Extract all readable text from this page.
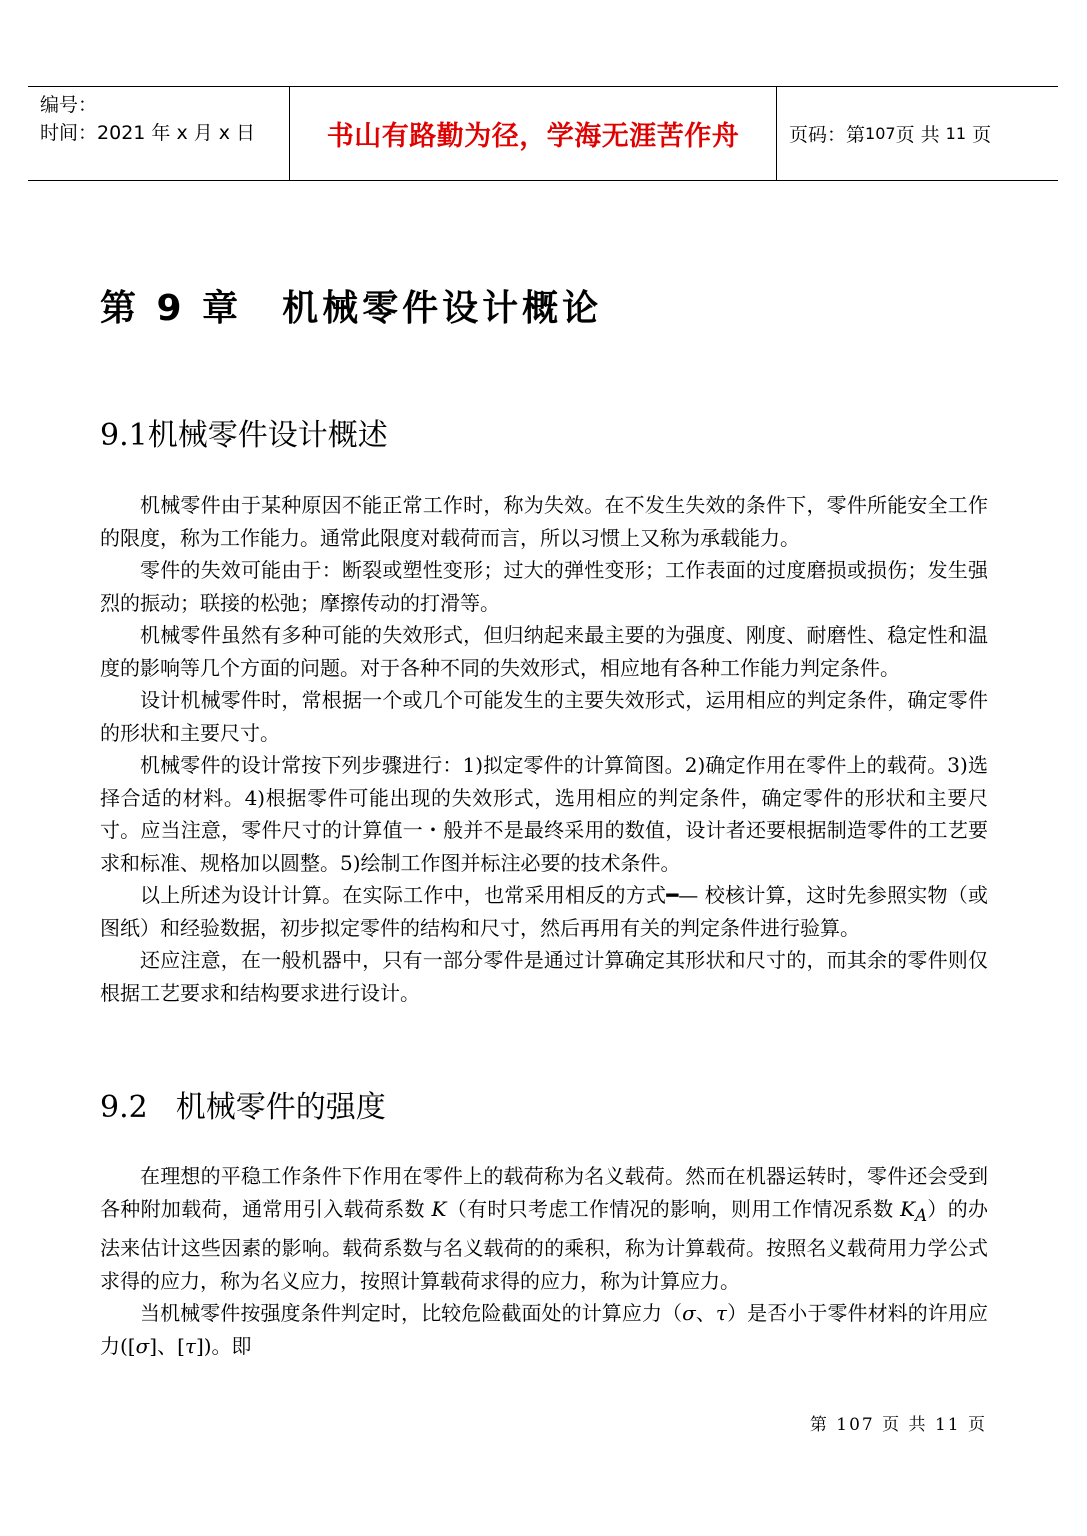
编号：
时间：2021 年 x 月 x 日	书山有路勤为径，学海无涯苦作舟	页码：第 107 页 共
11
页
第 9 章 机械零件设计概论
9.1机械零件设计概述

机械零件由于某种原因不能正常工作时，称为失效。在不发生失效的条件下，零件所能安全工作的限度，称为工作能力。通常此限度对载荷而言，所以习惯上又称为承载能力。

零件的失效可能由于：断裂或塑性变形；过大的弹性变形；工作表面的过度磨损或损伤；发生强烈的振动；联接的松弛；摩擦传动的打滑等。

机械零件虽然有多种可能的失效形式，但归纳起来最主要的为强度、刚度、耐磨性、稳定性和温度的影响等几个方面的问题。对于各种不同的失效形式，相应地有各种工作能力判定条件。

设计机械零件时，常根据一个或几个可能发生的主要失效形式，运用相应的判定条件，确定零件的形状和主要尺寸。

机械零件的设计常按下列步骤进行：1)拟定零件的计算简图。2)确定作用在零件上的载荷。3)选择合适的材料。4)根据零件可能出现的失效形式，选用相应的判定条件，确定零件的形状和主要尺寸。应当注意，零件尺寸的计算值一・般并不是最终采用的数值，设计者还要根据制造零件的工艺要求和标准、规格加以圆整。5)绘制工作图并标注必要的技术条件。

以上所述为设计计算。在实际工作中，也常采用相反的方式━— 校核计算，这时先参照实物（或图纸）和经验数据，初步拟定零件的结构和尺寸，然后再用有关的判定条件进行验算。

还应注意，在一般机器中，只有一部分零件是通过计算确定其形状和尺寸的，而其余的零件则仅根据工艺要求和结构要求进行设计。

9.2 机械零件的强度

在理想的平稳工作条件下作用在零件上的载荷称为名义载荷。然而在机器运转时，零件还会受到各种附加载荷，通常用引入载荷系数 K（有时只考虑工作情况的影响，则用工作情况系数 $K_A$）的办法来估计这些因素的影响。载荷系数与名义载荷的的乘积，称为计算载荷。按照名义载荷用力学公式求得的应力，称为名义应力，按照计算载荷求得的应力，称为计算应力。

当机械零件按强度条件判定时，比较危险截面处的计算应力（σ、τ）是否小于零件材料的许用应力([σ]、[τ])。即

第 107 页 共 11 页
